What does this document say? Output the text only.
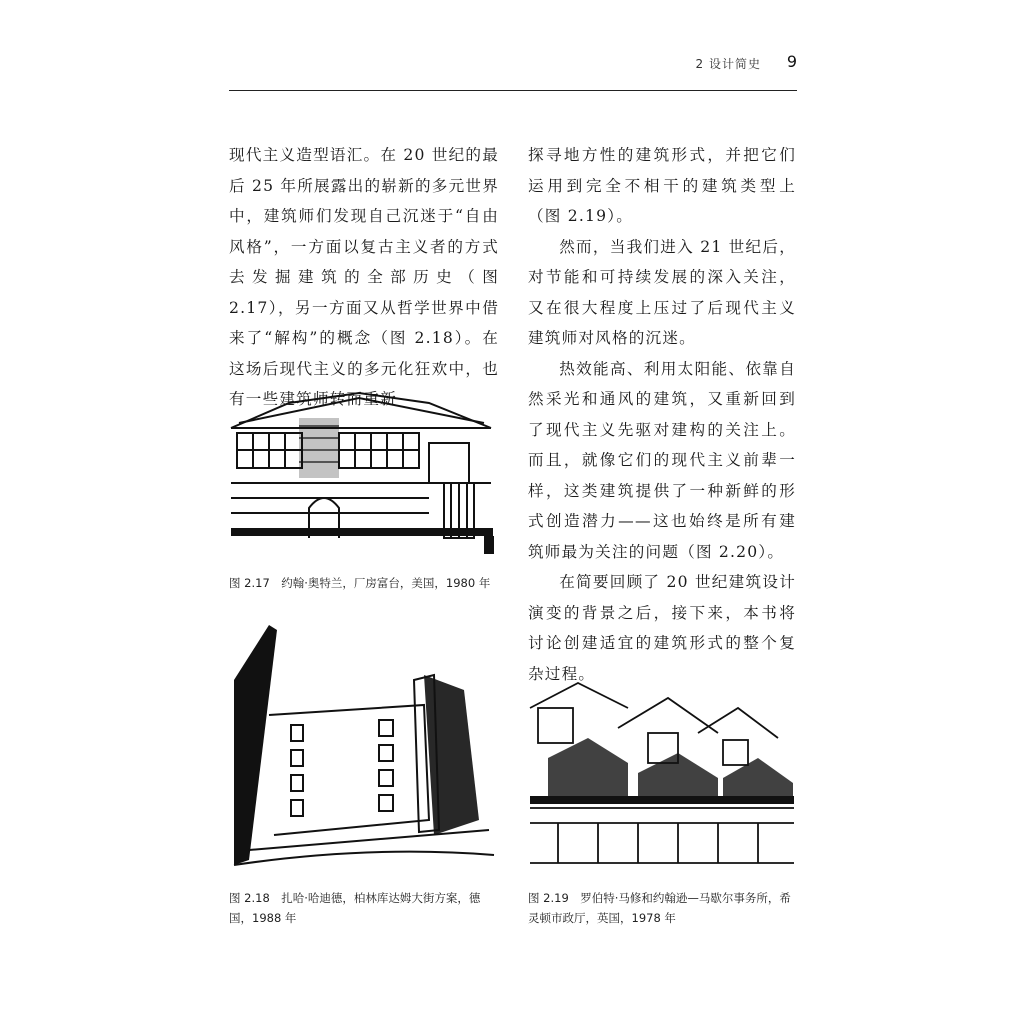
2 设计简史 9

现代主义造型语汇。在 20 世纪的最后 25 年所展露出的崭新的多元世界中，建筑师们发现自己沉迷于“自由风格”，一方面以复古主义者的方式去发掘建筑的全部历史（图 2.17），另一方面又从哲学世界中借来了“解构”的概念（图 2.18）。在这场后现代主义的多元化狂欢中，也有一些建筑师转而重新

探寻地方性的建筑形式，并把它们运用到完全不相干的建筑类型上（图 2.19）。

然而，当我们进入 21 世纪后，对节能和可持续发展的深入关注，又在很大程度上压过了后现代主义建筑师对风格的沉迷。

热效能高、利用太阳能、依靠自然采光和通风的建筑，又重新回到了现代主义先驱对建构的关注上。而且，就像它们的现代主义前辈一样，这类建筑提供了一种新鲜的形式创造潜力——这也始终是所有建筑师最为关注的问题（图 2.20）。

在简要回顾了 20 世纪建筑设计演变的背景之后，接下来，本书将讨论创建适宜的建筑形式的整个复杂过程。

图 2.17　约翰·奥特兰，厂房富台，美国，1980 年
图 2.18　扎哈·哈迪德，柏林库达姆大街方案，德国，1988 年
图 2.19　罗伯特·马修和约翰逊—马歇尔事务所，希灵顿市政厅，英国，1978 年
